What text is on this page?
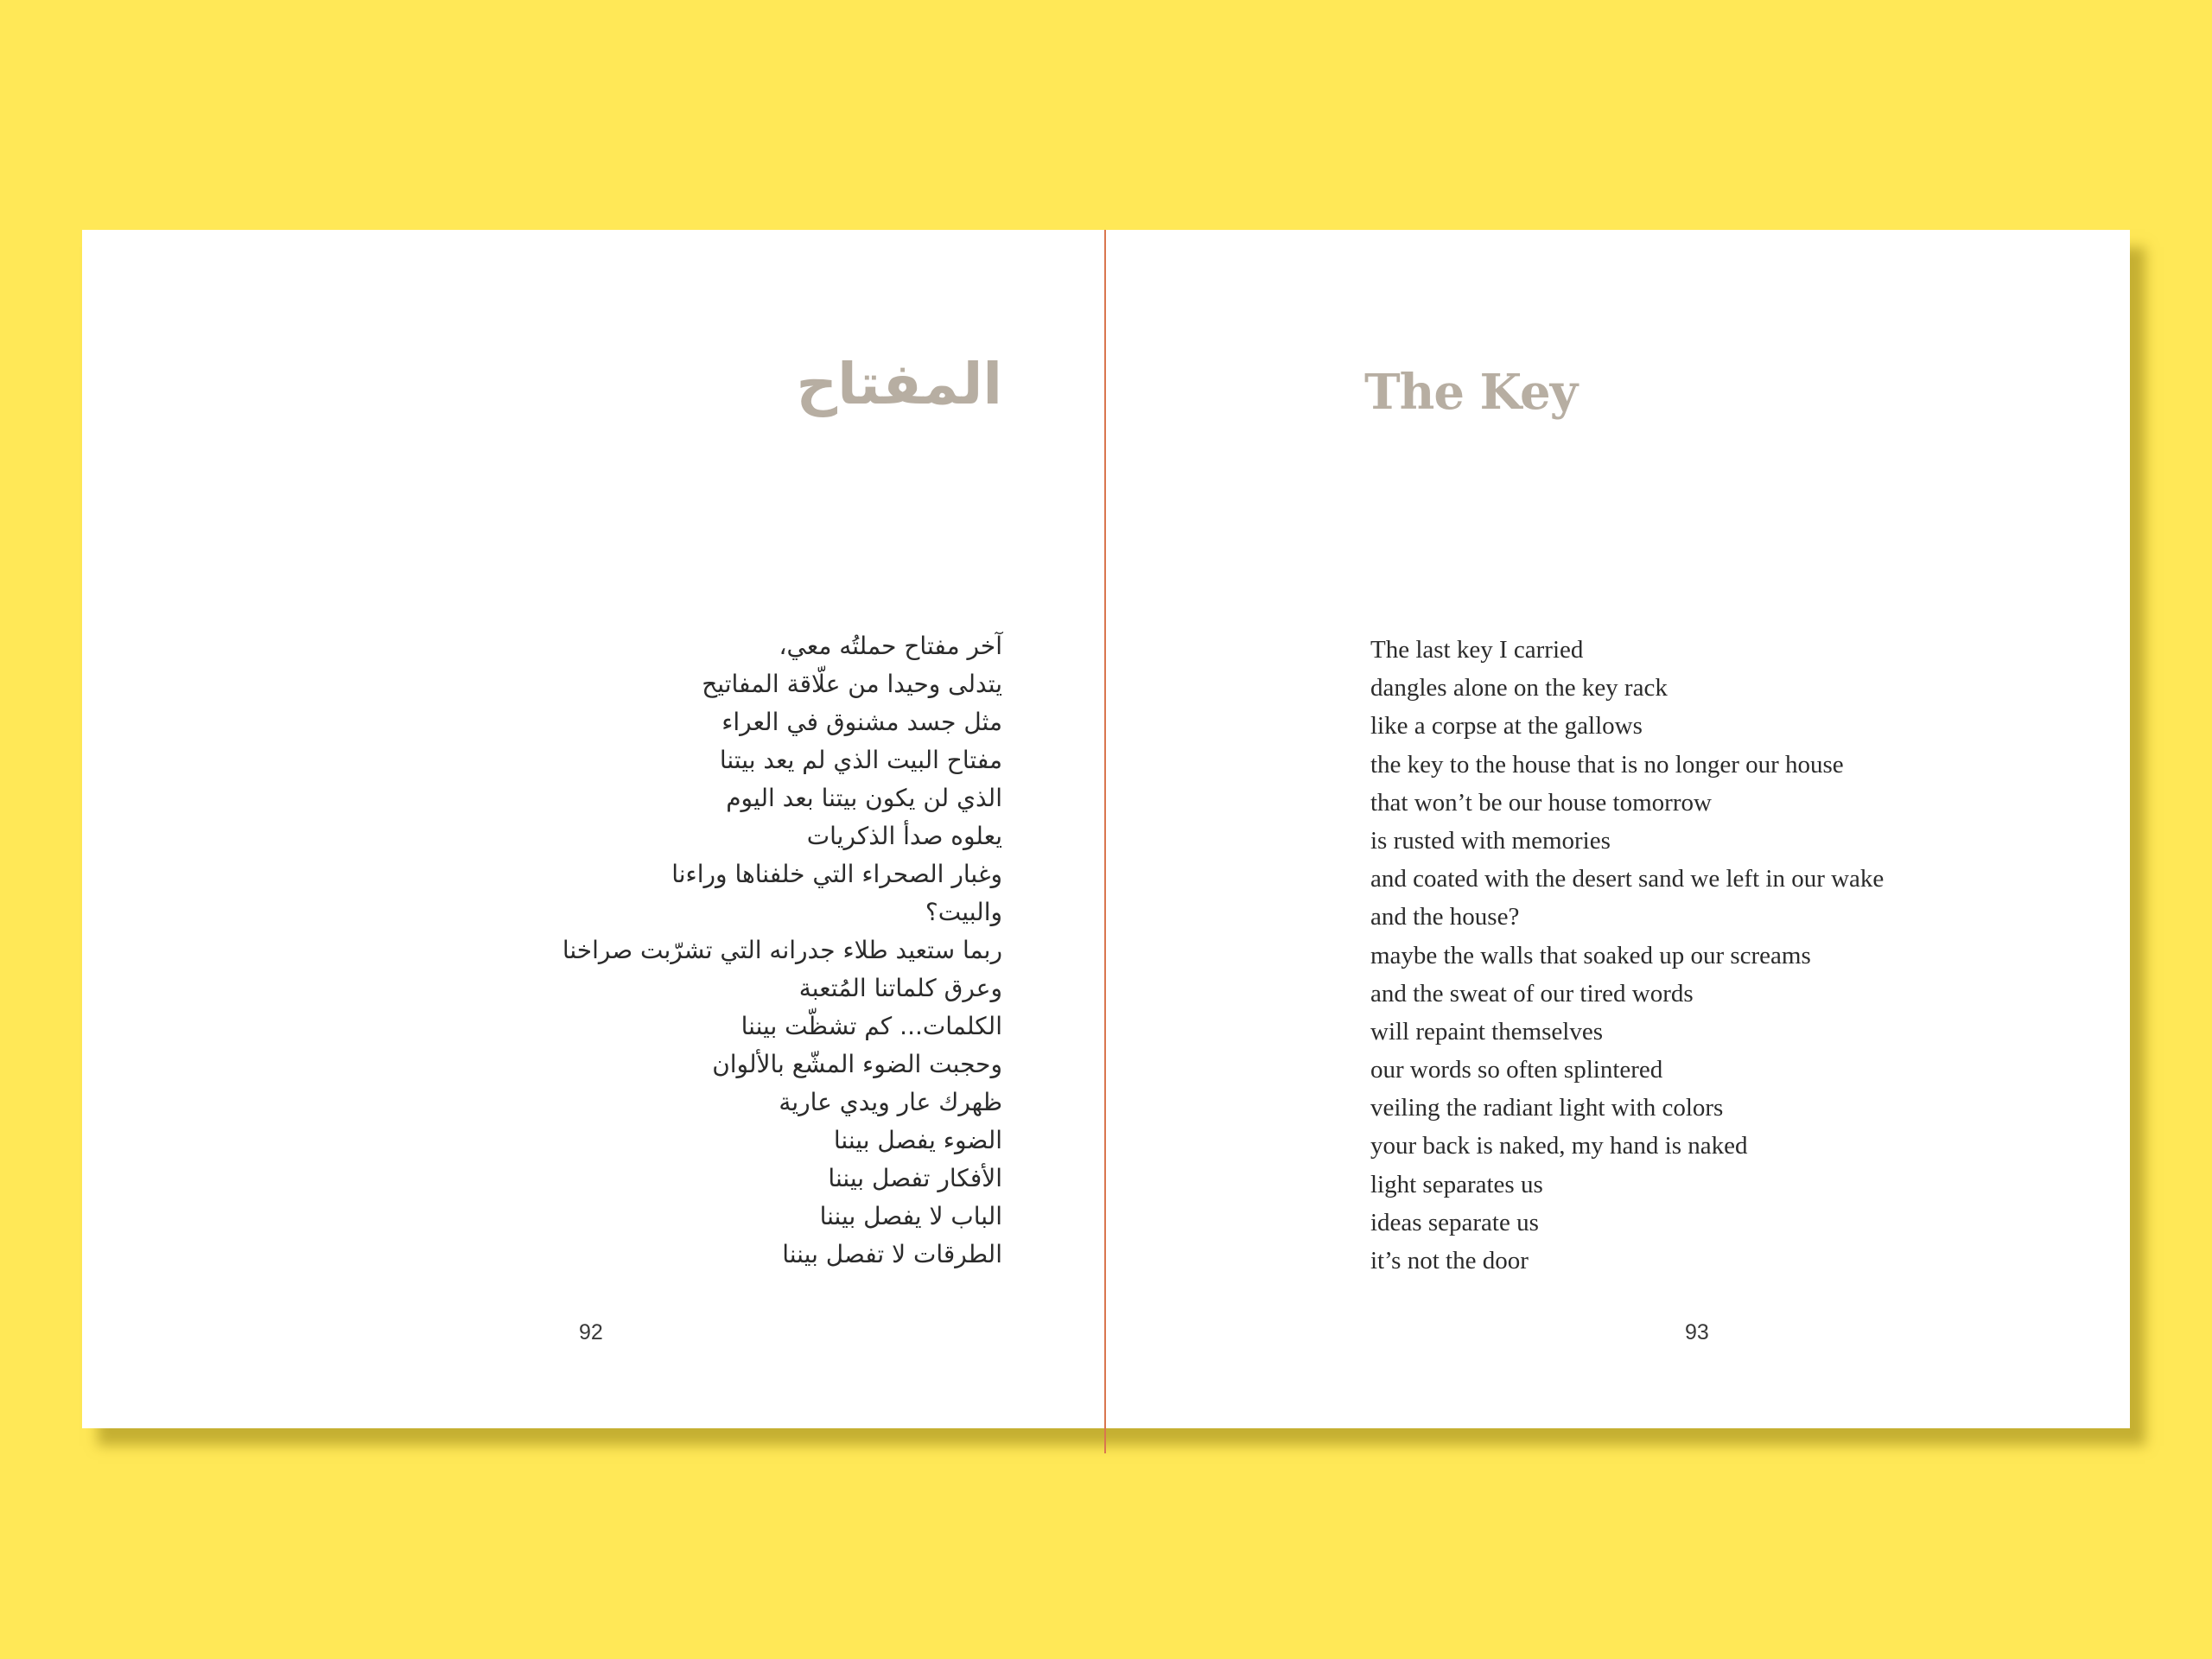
المفتاح
آخر مفتاح حملتُه معي،
يتدلى وحيدا من علّاقة المفاتيح
مثل جسد مشنوق في العراء
مفتاح البيت الذي لم يعد بيتنا
الذي لن يكون بيتنا بعد اليوم
يعلوه صدأ الذكريات
وغبار الصحراء التي خلفناها وراءنا
والبيت؟
ربما ستعيد طلاء جدرانه التي تشرّبت صراخنا
وعرق كلماتنا المُتعبة
الكلمات... كم تشظّت بيننا
وحجبت الضوء المشّع بالألوان
ظهرك عار ويدي عارية
الضوء يفصل بيننا
الأفكار تفصل بيننا
الباب لا يفصل بيننا
الطرقات لا تفصل بيننا
92
The Key
The last key I carried
dangles alone on the key rack
like a corpse at the gallows
the key to the house that is no longer our house
that won’t be our house tomorrow
is rusted with memories
and coated with the desert sand we left in our wake
and the house?
maybe the walls that soaked up our screams
and the sweat of our tired words
will repaint themselves
our words so often splintered
veiling the radiant light with colors
your back is naked, my hand is naked
light separates us
ideas separate us
it’s not the door
93
